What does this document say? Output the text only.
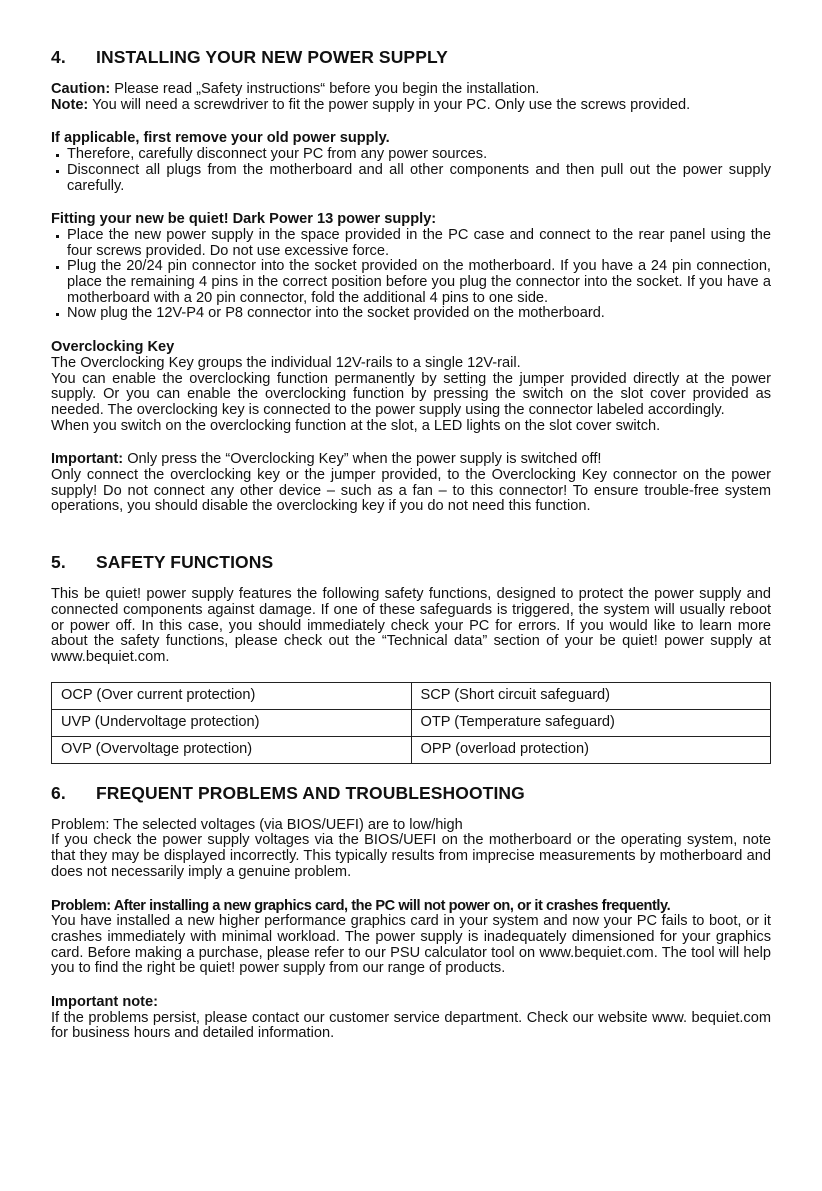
4.	INSTALLING YOUR NEW POWER SUPPLY

Caution: Please read „Safety instructions“ before you begin the installation.

Note: You will need a screwdriver to fit the power supply in your PC. Only use the screws provided.

If applicable, first remove your old power supply.

Therefore, carefully disconnect your PC from any power sources.
Disconnect all plugs from the motherboard and all other components and then pull out the power supply carefully.

Fitting your new be quiet! Dark Power 13 power supply:

Place the new power supply in the space provided in the PC case and connect to the rear panel using the four screws provided. Do not use excessive force.
Plug the 20/24 pin connector into the socket provided on the motherboard. If you have a 24 pin connection, place the remaining 4 pins in the correct position before you plug the connector into the socket. If you have a motherboard with a 20 pin connector, fold the additional 4 pins to one side.
Now plug the 12V-P4 or P8 connector into the socket provided on the motherboard.

Overclocking Key

The Overclocking Key groups the individual 12V-rails to a single 12V-rail.

You can enable the overclocking function permanently by setting the jumper provided directly at the power supply. Or you can enable the overclocking function by pressing the switch on the slot cover provided as needed. The overclocking key is connected to the power supply using the connector labeled accordingly.

When you switch on the overclocking function at the slot, a LED lights on the slot cover switch.

Important: Only press the “Overclocking Key” when the power supply is switched off!

Only connect the overclocking key or the jumper provided, to the Overclocking Key connector on the power supply! Do not connect any other device – such as a fan – to this connector! To ensure trouble-free system operations, you should disable the overclocking key if you do not need this function.

5.	SAFETY FUNCTIONS

This be quiet! power supply features the following safety functions, designed to protect the power supply and connected components against damage. If one of these safeguards is triggered, the system will usually reboot or power off. In this case, you should immediately check your PC for errors. If you would like to learn more about the safety functions, please check out the “Technical data” section of your be quiet! power supply at www.bequiet.com.

OCP (Over current protection)	SCP (Short circuit safeguard)
UVP (Undervoltage protection)	OTP (Temperature safeguard)
OVP (Overvoltage protection)	OPP (overload protection)
6.	FREQUENT PROBLEMS AND TROUBLESHOOTING

Problem: The selected voltages (via BIOS/UEFI) are to low/high

If you check the power supply voltages via the BIOS/UEFI on the motherboard or the operating system, note that they may be displayed incorrectly. This typically results from imprecise measurements by motherboard and does not necessarily imply a genuine problem.

Problem: After installing a new graphics card, the PC will not power on, or it crashes frequently.

You have installed a new higher performance graphics card in your system and now your PC fails to boot, or it crashes immediately with minimal workload. The power supply is inadequately dimensioned for your graphics card. Before making a purchase, please refer to our PSU calculator tool on www.bequiet.com. The tool will help you to find the right be quiet! power supply from our range of products.

Important note:

If the problems persist, please contact our customer service department. Check our website www. bequiet.com for business hours and detailed information.
